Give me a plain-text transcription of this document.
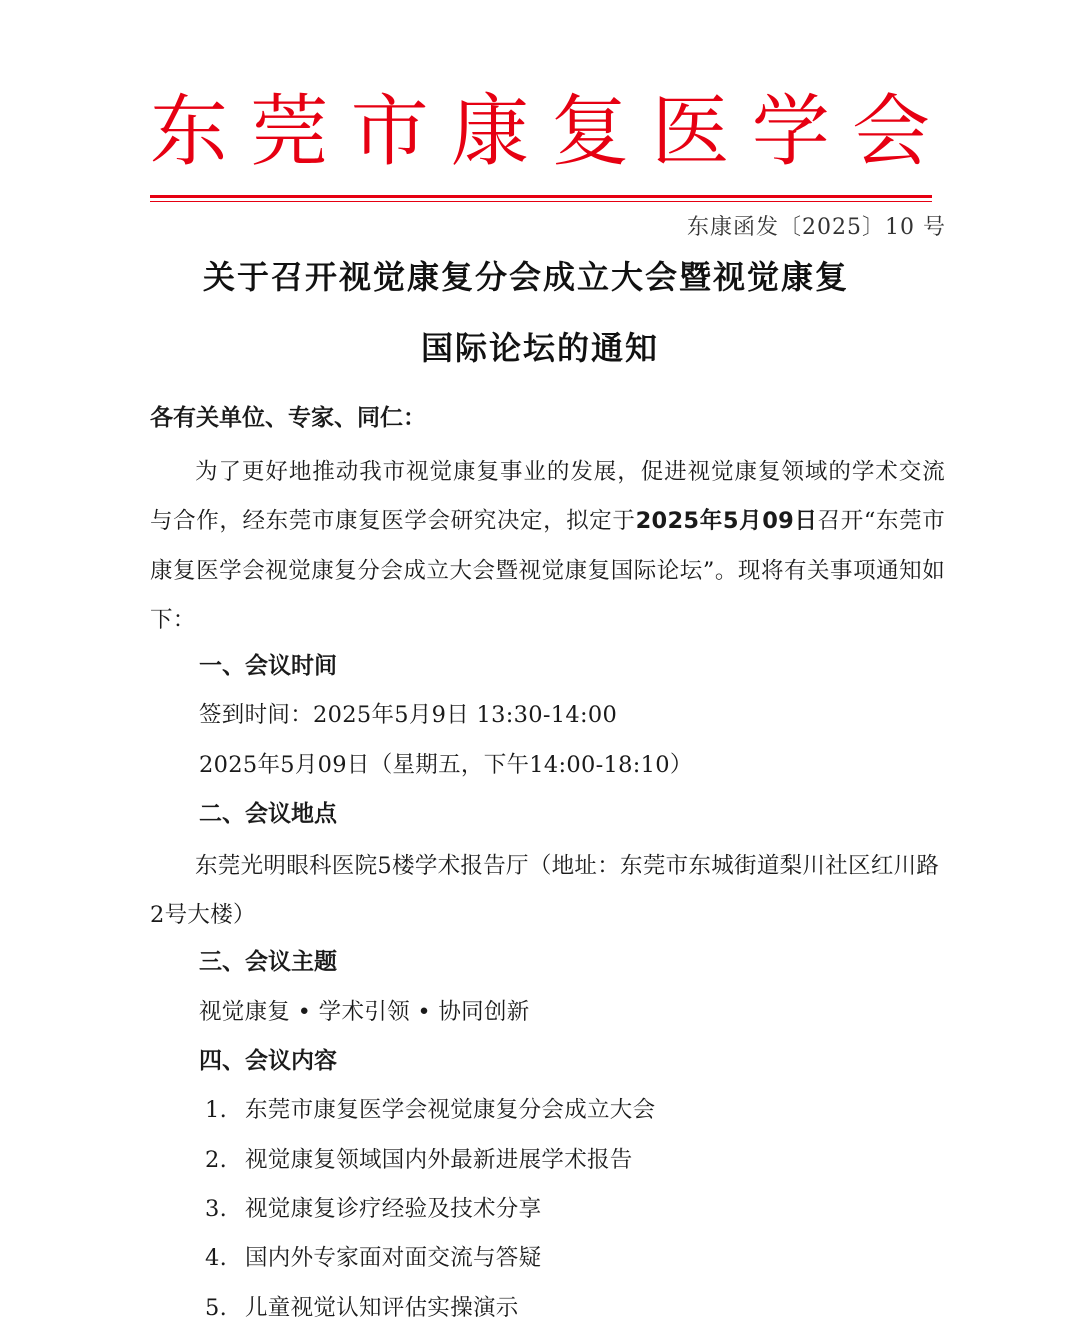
东 莞 市 康 复 医 学 会
东康函发〔2025〕10 号
关于召开视觉康复分会成立大会暨视觉康复
国际论坛的通知
各有关单位、专家、同仁：
为了更好地推动我市视觉康复事业的发展，促进视觉康复领域的学术交流与合作，经东莞市康复医学会研究决定，拟定于2025年5月09日召开“东莞市康复医学会视觉康复分会成立大会暨视觉康复国际论坛”。现将有关事项通知如下：
一、会议时间
签到时间：2025年5月9日 13:30-14:00
2025年5月09日（星期五，下午14:00-18:10）
二、会议地点
东莞光明眼科医院5楼学术报告厅（地址：东莞市东城街道梨川社区红川路2号大楼）
三、会议主题
视觉康复 • 学术引领 • 协同创新
四、会议内容
1. 东莞市康复医学会视觉康复分会成立大会
2. 视觉康复领域国内外最新进展学术报告
3. 视觉康复诊疗经验及技术分享
4. 国内外专家面对面交流与答疑
5. 儿童视觉认知评估实操演示
